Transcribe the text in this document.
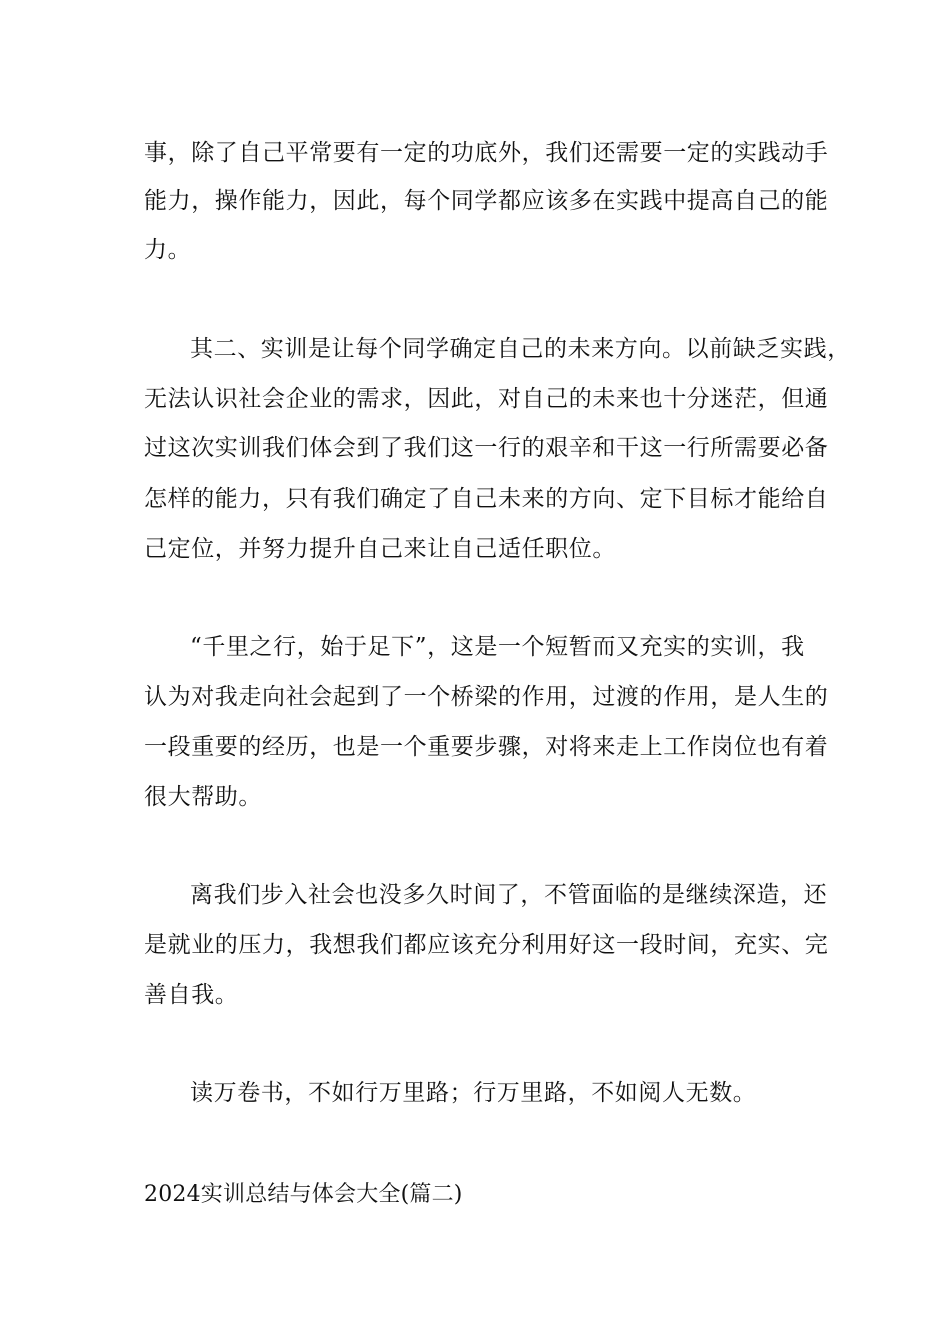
事，除了自己平常要有一定的功底外，我们还需要一定的实践动手
能力，操作能力，因此，每个同学都应该多在实践中提高自己的能
力。
其二、实训是让每个同学确定自己的未来方向。以前缺乏实践，
无法认识社会企业的需求，因此，对自己的未来也十分迷茫，但通
过这次实训我们体会到了我们这一行的艰辛和干这一行所需要必备
怎样的能力，只有我们确定了自己未来的方向、定下目标才能给自
己定位，并努力提升自己来让自己适任职位。
“千里之行，始于足下”，这是一个短暂而又充实的实训，我
认为对我走向社会起到了一个桥梁的作用，过渡的作用，是人生的
一段重要的经历，也是一个重要步骤，对将来走上工作岗位也有着
很大帮助。
离我们步入社会也没多久时间了，不管面临的是继续深造，还
是就业的压力，我想我们都应该充分利用好这一段时间，充实、完
善自我。
读万卷书，不如行万里路；行万里路，不如阅人无数。
2024实训总结与体会大全(篇二)
